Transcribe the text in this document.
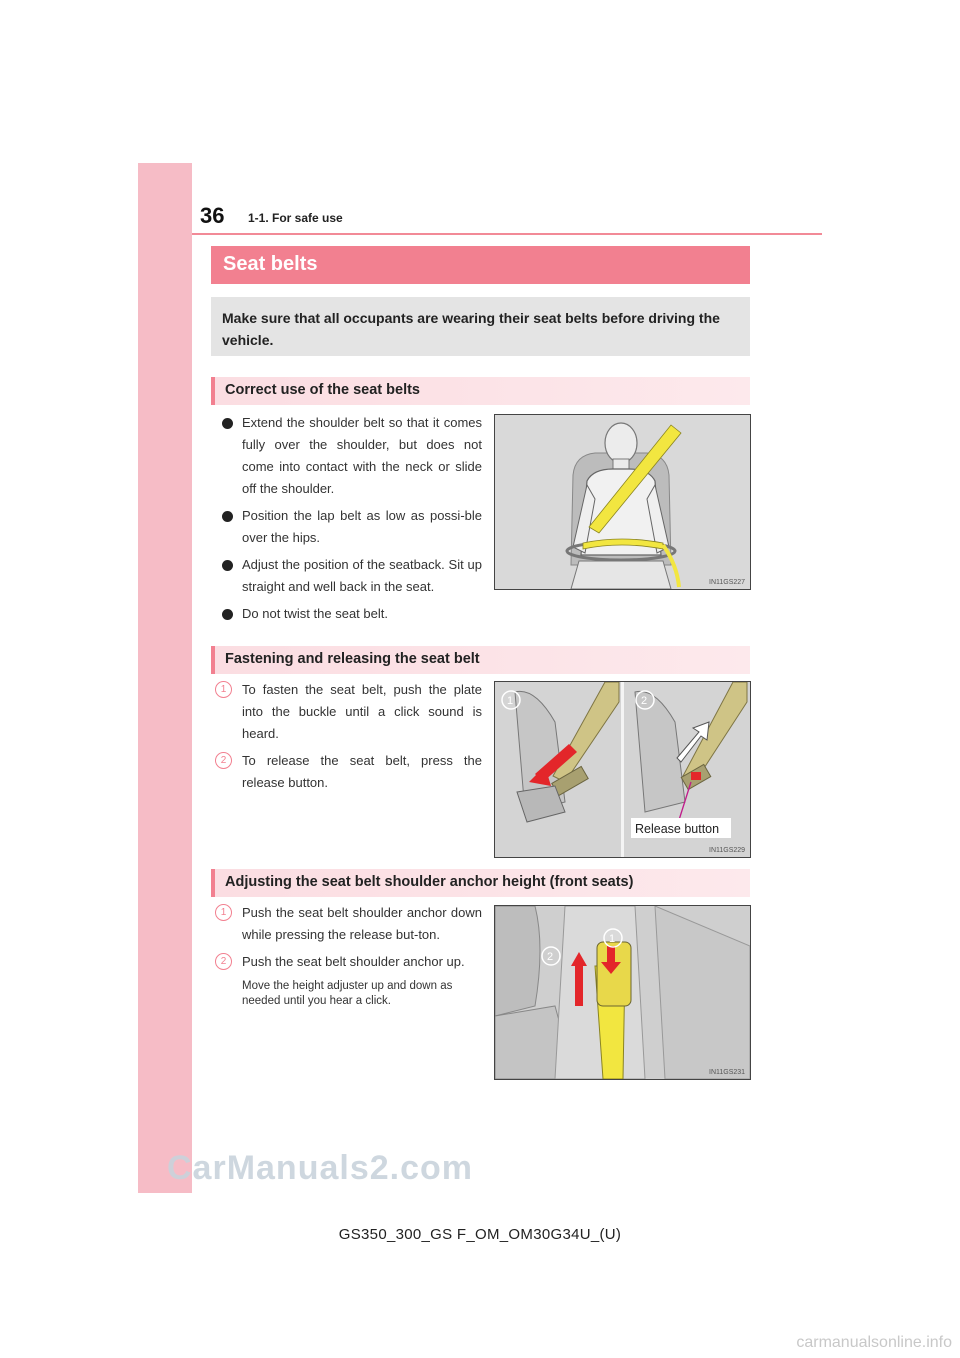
36 1-1. For safe use
Seat belts

Make sure that all occupants are wearing their seat belts before driving the vehicle.

Correct use of the seat belts
Extend the shoulder belt so that it comes fully over the shoulder, but does not come into contact with the neck or slide off the shoulder.
Position the lap belt as low as possi-ble over the hips.
Adjust the position of the seatback. Sit up straight and well back in the seat.
Do not twist the seat belt.
IN11GS227
Fastening and releasing the seat belt
1	To fasten the seat belt, push the plate into the buckle until a click sound is heard.
2	To release the seat belt, press the release button.
1	2
Release button
IN11GS229
Adjusting the seat belt shoulder anchor height (front seats)
1	Push the seat belt shoulder anchor down while pressing the release but-ton.
2	Push the seat belt shoulder anchor up.
Move the height adjuster up and down as needed until you hear a click.
2
1
IN11GS231
CarManuals2.com
GS350_300_GS F_OM_OM30G34U_(U)
carmanualsonline.info
